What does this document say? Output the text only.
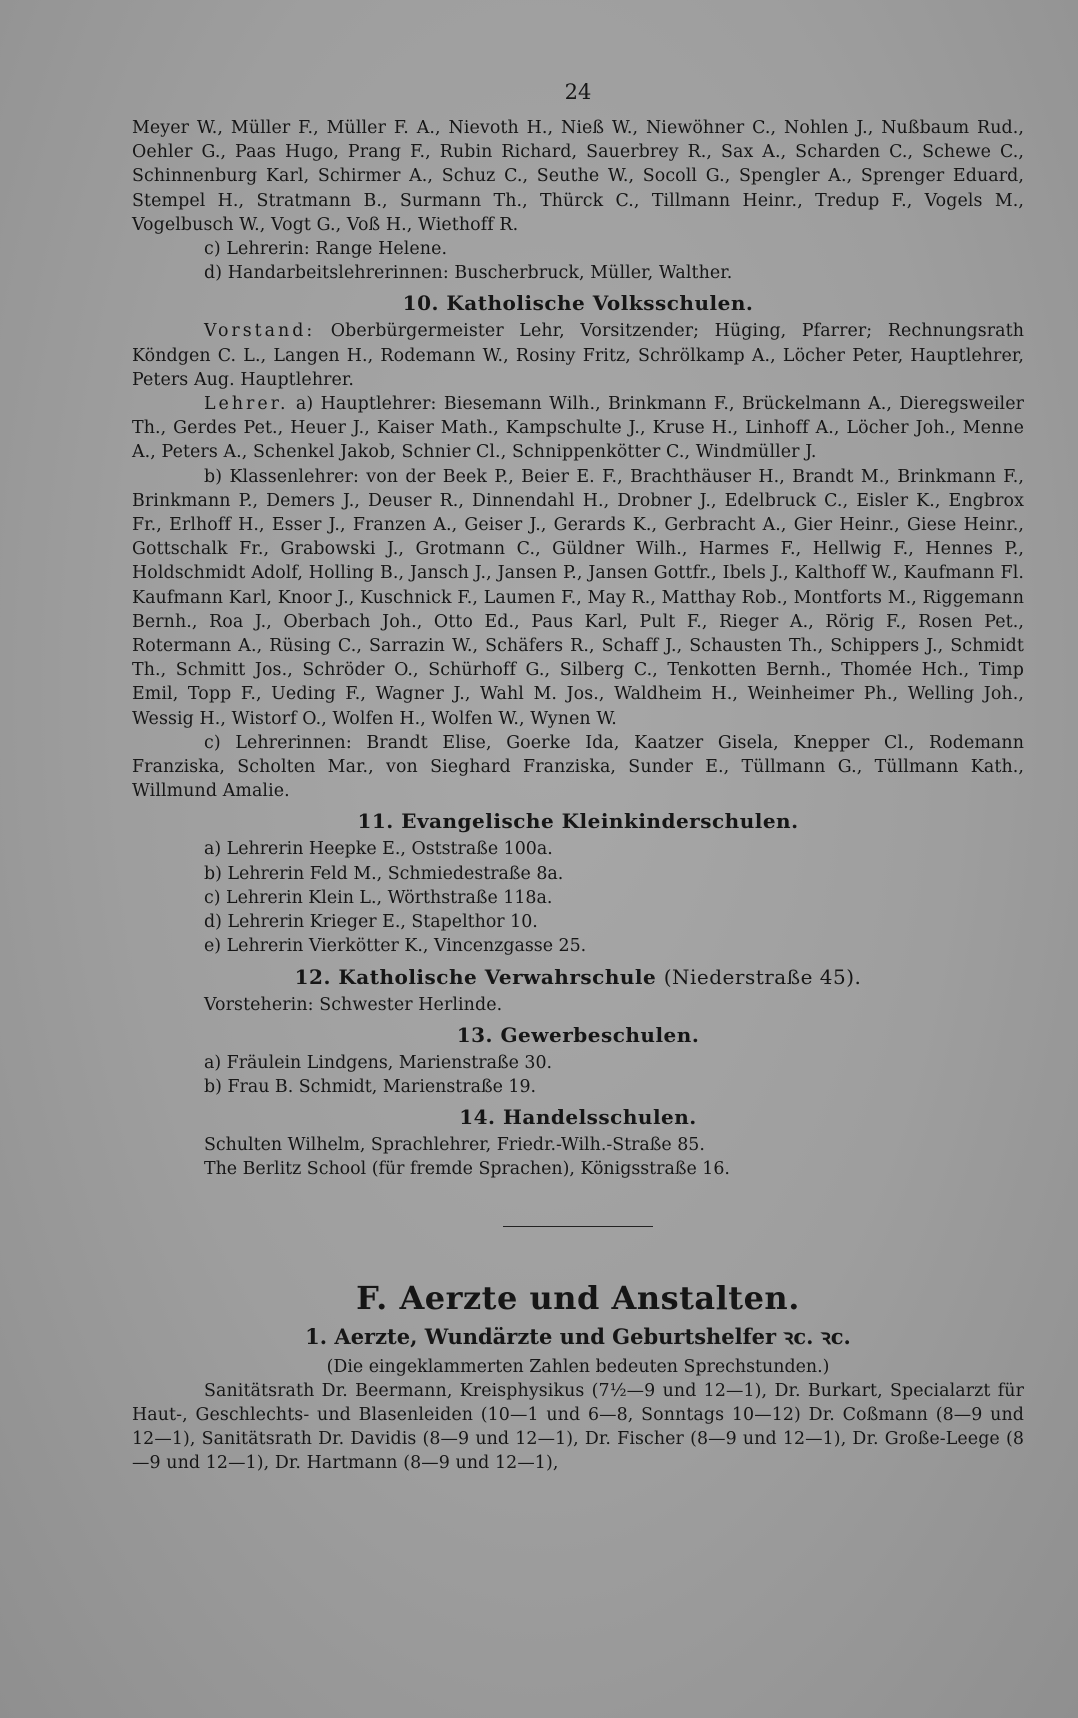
24

Meyer W., Müller F., Müller F. A., Nievoth H., Nieß W., Niewöhner C., Nohlen J., Nußbaum Rud., Oehler G., Paas Hugo, Prang F., Rubin Richard, Sauerbrey R., Sax A., Scharden C., Schewe C., Schinnenburg Karl, Schirmer A., Schuz C., Seuthe W., Socoll G., Spengler A., Sprenger Eduard, Stempel H., Stratmann B., Surmann Th., Thürck C., Tillmann Heinr., Tredup F., Vogels M., Vogelbusch W., Vogt G., Voß H., Wiethoff R.

c) Lehrerin: Range Helene.

d) Handarbeitslehrerinnen: Buscherbruck, Müller, Walther.

10. Katholische Volksschulen.

Vorstand: Oberbürgermeister Lehr, Vorsitzender; Hüging, Pfarrer; Rechnungsrath Köndgen C. L., Langen H., Rodemann W., Rosiny Fritz, Schrölkamp A., Löcher Peter, Hauptlehrer, Peters Aug. Hauptlehrer.

Lehrer. a) Hauptlehrer: Biesemann Wilh., Brinkmann F., Brückelmann A., Dieregsweiler Th., Gerdes Pet., Heuer J., Kaiser Math., Kampschulte J., Kruse H., Linhoff A., Löcher Joh., Menne A., Peters A., Schenkel Jakob, Schnier Cl., Schnippenkötter C., Windmüller J.

b) Klassenlehrer: von der Beek P., Beier E. F., Brachthäuser H., Brandt M., Brinkmann F., Brinkmann P., Demers J., Deuser R., Dinnendahl H., Drobner J., Edelbruck C., Eisler K., Engbrox Fr., Erlhoff H., Esser J., Franzen A., Geiser J., Gerards K., Gerbracht A., Gier Heinr., Giese Heinr., Gottschalk Fr., Grabowski J., Grotmann C., Güldner Wilh., Harmes F., Hellwig F., Hennes P., Holdschmidt Adolf, Holling B., Jansch J., Jansen P., Jansen Gottfr., Ibels J., Kalthoff W., Kaufmann Fl. Kaufmann Karl, Knoor J., Kuschnick F., Laumen F., May R., Matthay Rob., Montforts M., Riggemann Bernh., Roa J., Oberbach Joh., Otto Ed., Paus Karl, Pult F., Rieger A., Rörig F., Rosen Pet., Rotermann A., Rüsing C., Sarrazin W., Schäfers R., Schaff J., Schausten Th., Schippers J., Schmidt Th., Schmitt Jos., Schröder O., Schürhoff G., Silberg C., Tenkotten Bernh., Thomée Hch., Timp Emil, Topp F., Ueding F., Wagner J., Wahl M. Jos., Waldheim H., Weinheimer Ph., Welling Joh., Wessig H., Wistorf O., Wolfen H., Wolfen W., Wynen W.

c) Lehrerinnen: Brandt Elise, Goerke Ida, Kaatzer Gisela, Knepper Cl., Rodemann Franziska, Scholten Mar., von Sieghard Franziska, Sunder E., Tüllmann G., Tüllmann Kath., Willmund Amalie.

11. Evangelische Kleinkinderschulen.
a) Lehrerin Heepke E., Oststraße 100a.
b) Lehrerin Feld M., Schmiedestraße 8a.
c) Lehrerin Klein L., Wörthstraße 118a.
d) Lehrerin Krieger E., Stapelthor 10.
e) Lehrerin Vierkötter K., Vincenzgasse 25.
12. Katholische Verwahrschule (Niederstraße 45).

Vorsteherin: Schwester Herlinde.

13. Gewerbeschulen.
a) Fräulein Lindgens, Marienstraße 30.
b) Frau B. Schmidt, Marienstraße 19.
14. Handelsschulen.
Schulten Wilhelm, Sprachlehrer, Friedr.-Wilh.-Straße 85.
The Berlitz School (für fremde Sprachen), Königsstraße 16.
F. Aerzte und Anstalten.
1. Aerzte, Wundärzte und Geburtshelfer ꝛc. ꝛc.
(Die eingeklammerten Zahlen bedeuten Sprechstunden.)

Sanitätsrath Dr. Beermann, Kreisphysikus (7½—9 und 12—1), Dr. Burkart, Specialarzt für Haut-, Geschlechts- und Blasenleiden (10—1 und 6—8, Sonntags 10—12) Dr. Coßmann (8—9 und 12—1), Sanitätsrath Dr. Davidis (8—9 und 12—1), Dr. Fischer (8—9 und 12—1), Dr. Große-Leege (8—9 und 12—1), Dr. Hartmann (8—9 und 12—1),
